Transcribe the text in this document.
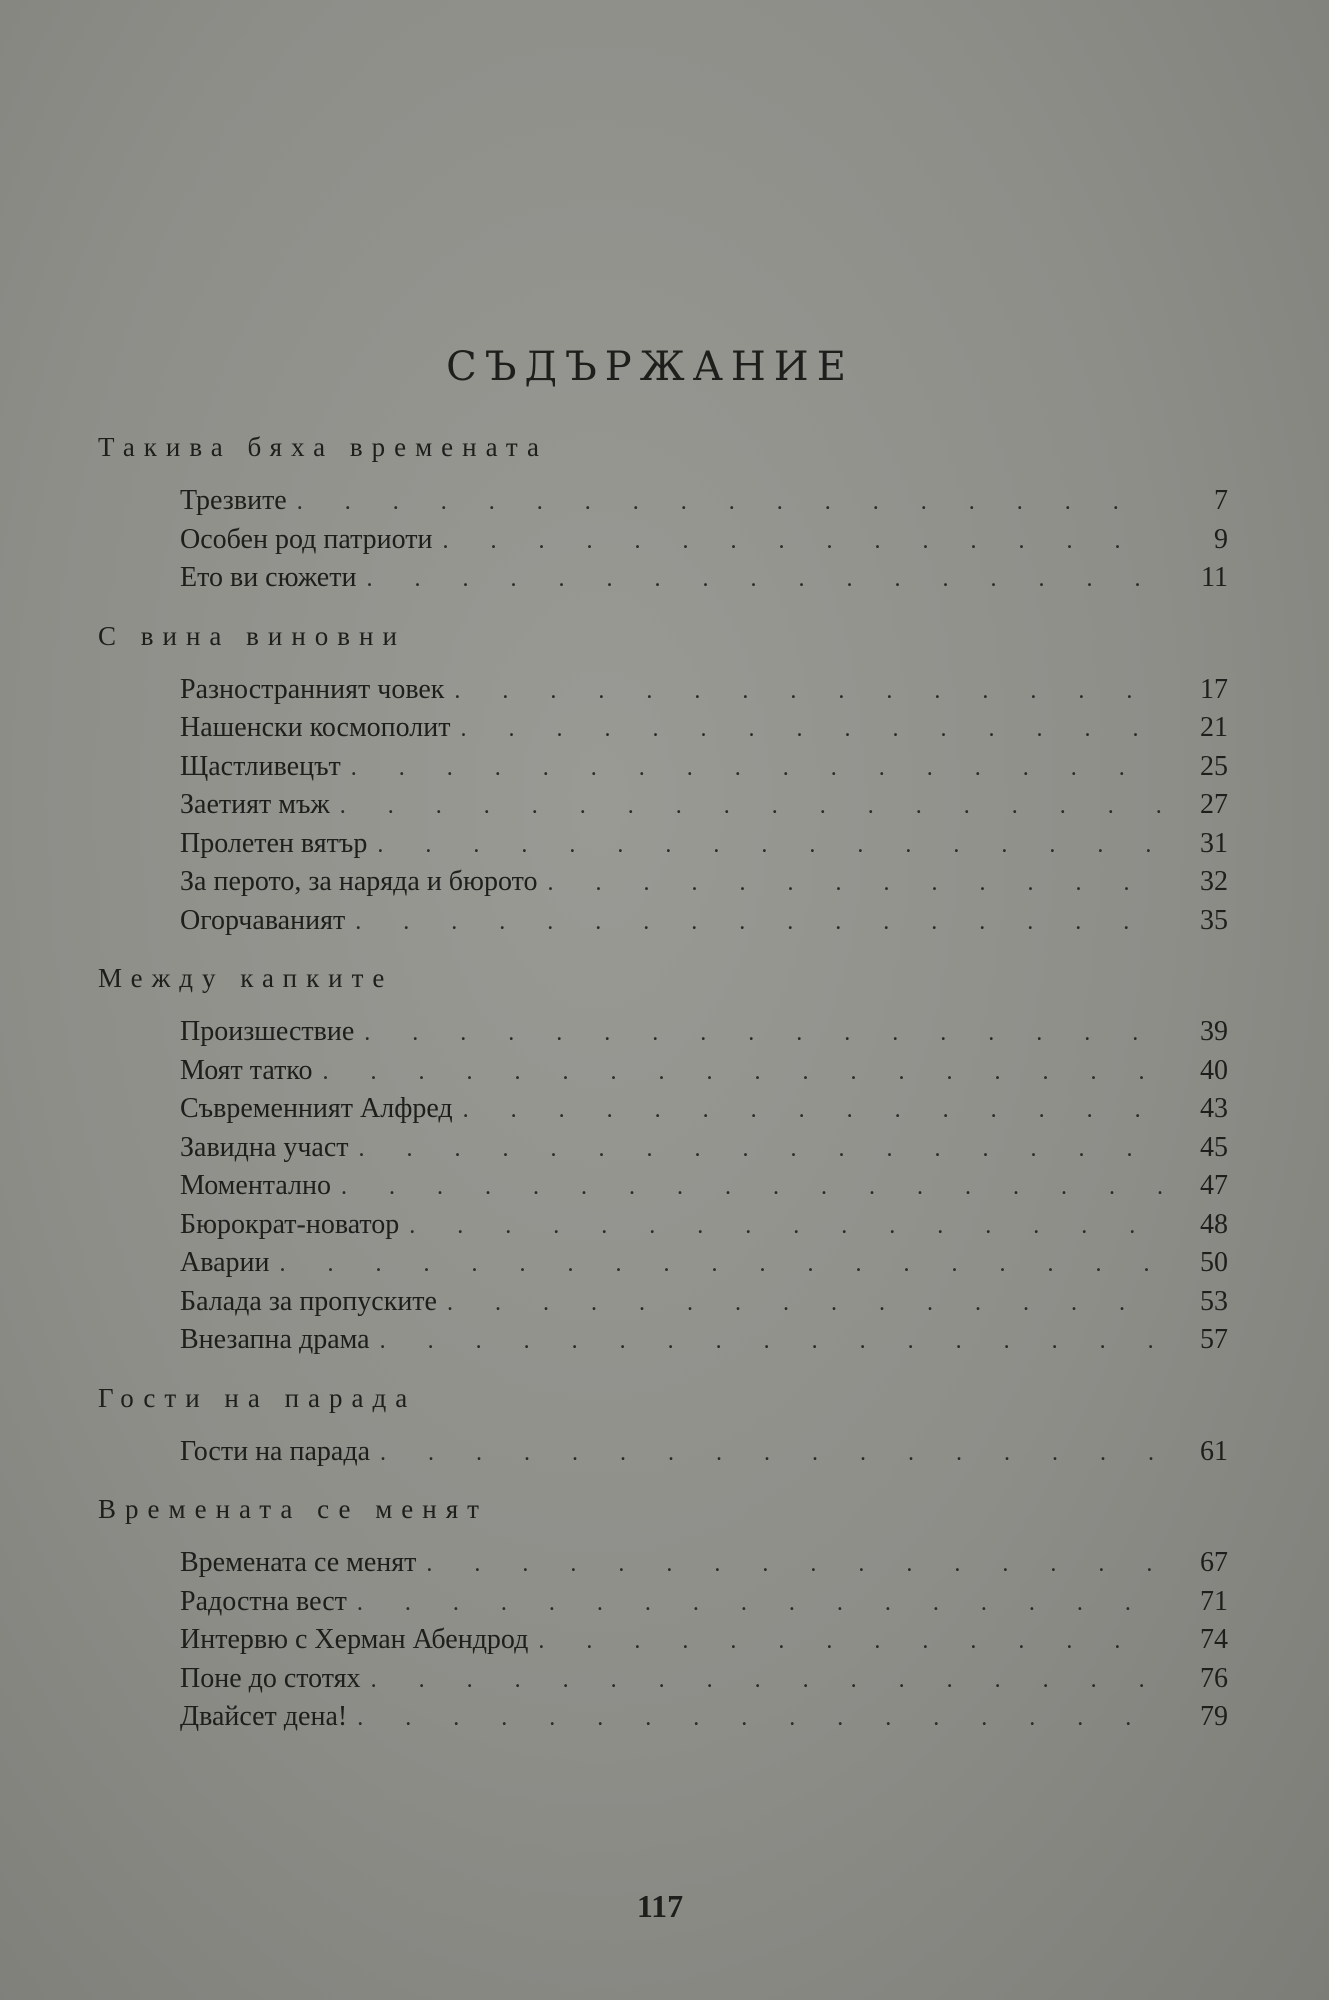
СЪДЪРЖАНИЕ
Такива бяха времената
Трезвите . . .	7
Особен род патриоти . . .	9
Ето ви сюжети . . .	11
С вина виновни
Разностранният човек . . .	17
Нашенски космополит . . .	21
Щастливецът . . .	25
Заетият мъж . . .	27
Пролетен вятър . . .	31
За перото, за наряда и бюрото . . .	32
Огорчаваният . . .	35
Между капките
Произшествие . . .	39
Моят татко . . .	40
Съвременният Алфред . . .	43
Завидна участ . . .	45
Моментално . . .	47
Бюрократ-новатор . . .	48
Аварии . . .	50
Балада за пропуските . . .	53
Внезапна драма . . .	57
Гости на парада
Гости на парада . . .	61
Времената се менят
Времената се менят . . .	67
Радостна вест . . .	71
Интервю с Херман Абендрод . . .	74
Поне до стотях . . .	76
Двайсет дена! . . .	79
117
